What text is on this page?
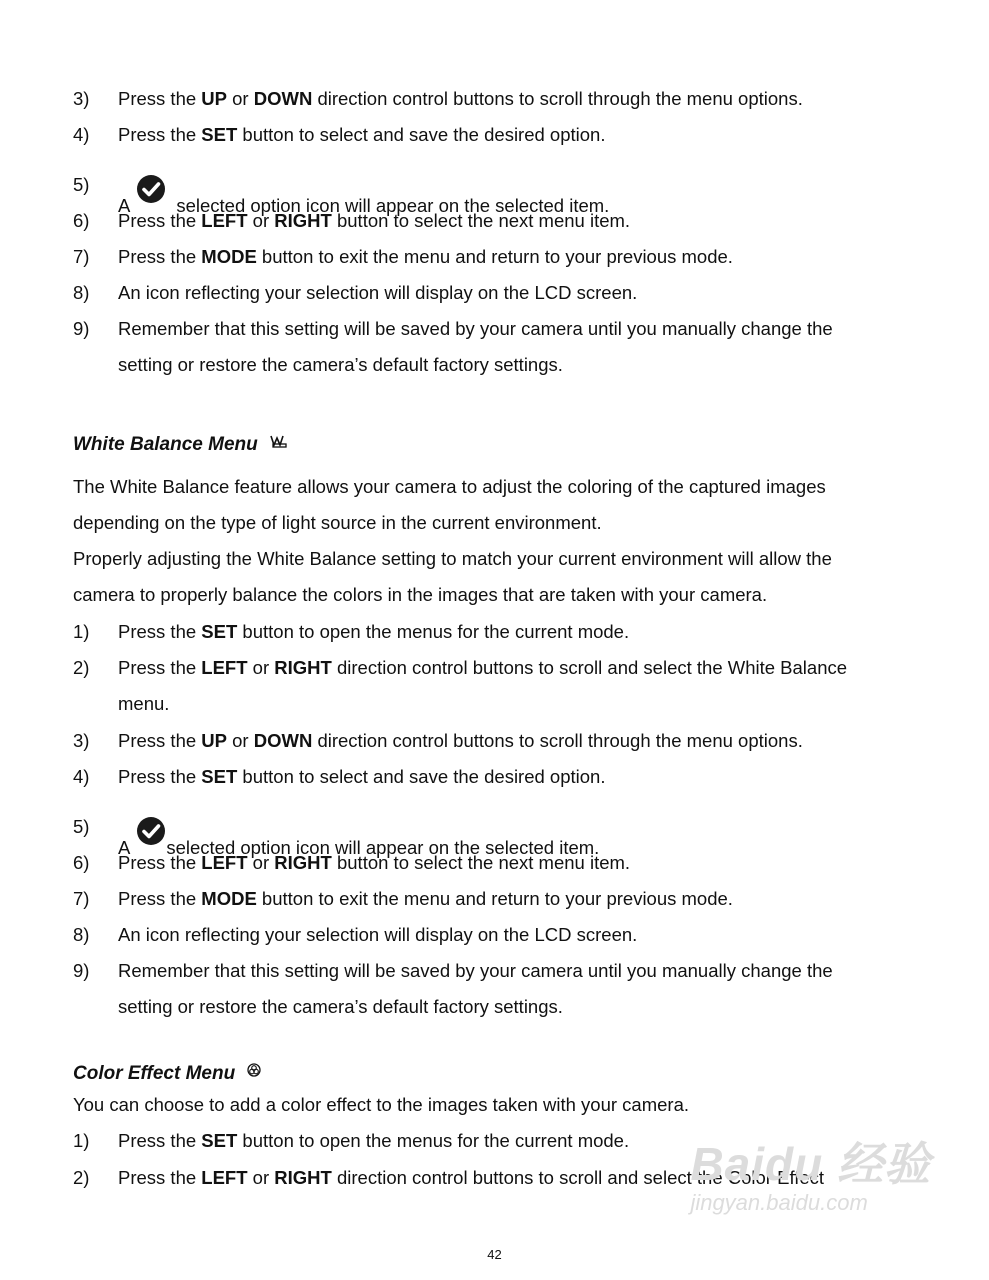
3) Press the UP or DOWN direction control buttons to scroll through the menu options.
4) Press the SET button to select and save the desired option.
5)
A selected option icon will appear on the selected item.
6) Press the LEFT or RIGHT button to select the next menu item.
7) Press the MODE button to exit the menu and return to your previous mode.
8) An icon reflecting your selection will display on the LCD screen.
9) Remember that this setting will be saved by your camera until you manually change the
setting or restore the camera’s default factory settings.
White Balance Menu
The White Balance feature allows your camera to adjust the coloring of the captured images
depending on the type of light source in the current environment.
Properly adjusting the White Balance setting to match your current environment will allow the
camera to properly balance the colors in the images that are taken with your camera.
1) Press the SET button to open the menus for the current mode.
2) Press the LEFT or RIGHT direction control buttons to scroll and select the White Balance
menu.
3) Press the UP or DOWN direction control buttons to scroll through the menu options.
4) Press the SET button to select and save the desired option.
5)
A selected option icon will appear on the selected item.
6) Press the LEFT or RIGHT button to select the next menu item.
7) Press the MODE button to exit the menu and return to your previous mode.
8) An icon reflecting your selection will display on the LCD screen.
9) Remember that this setting will be saved by your camera until you manually change the
setting or restore the camera’s default factory settings.
Color Effect Menu
You can choose to add a color effect to the images taken with your camera.
1) Press the SET button to open the menus for the current mode.
2) Press the LEFT or RIGHT direction control buttons to scroll and select the Color Effect
Baidu 经验
jingyan.baidu.com
42
